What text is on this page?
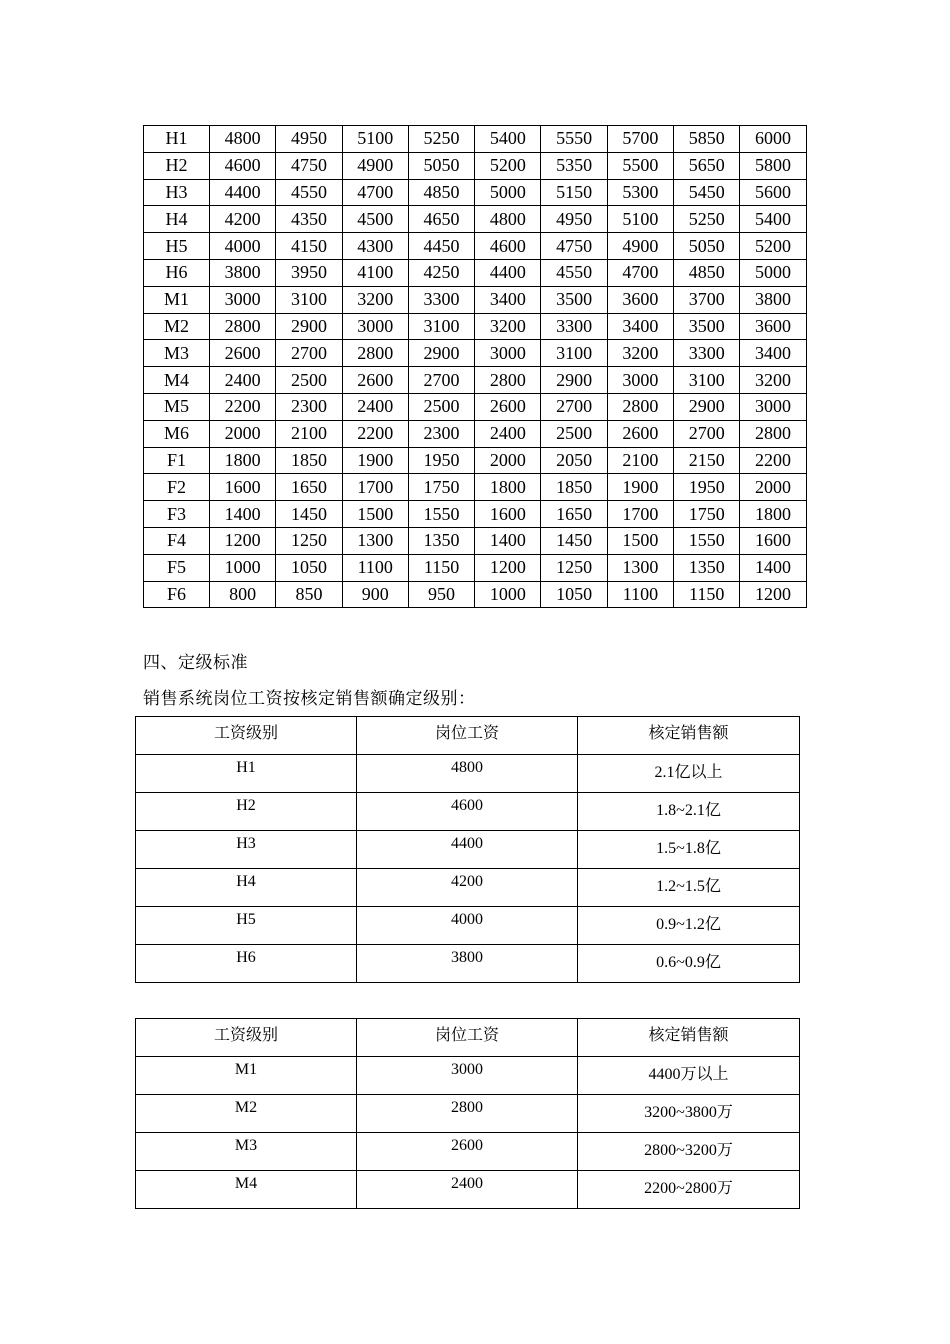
H1	4800	4950	5100	5250	5400	5550	5700	5850	6000
H2	4600	4750	4900	5050	5200	5350	5500	5650	5800
H3	4400	4550	4700	4850	5000	5150	5300	5450	5600
H4	4200	4350	4500	4650	4800	4950	5100	5250	5400
H5	4000	4150	4300	4450	4600	4750	4900	5050	5200
H6	3800	3950	4100	4250	4400	4550	4700	4850	5000
M1	3000	3100	3200	3300	3400	3500	3600	3700	3800
M2	2800	2900	3000	3100	3200	3300	3400	3500	3600
M3	2600	2700	2800	2900	3000	3100	3200	3300	3400
M4	2400	2500	2600	2700	2800	2900	3000	3100	3200
M5	2200	2300	2400	2500	2600	2700	2800	2900	3000
M6	2000	2100	2200	2300	2400	2500	2600	2700	2800
F1	1800	1850	1900	1950	2000	2050	2100	2150	2200
F2	1600	1650	1700	1750	1800	1850	1900	1950	2000
F3	1400	1450	1500	1550	1600	1650	1700	1750	1800
F4	1200	1250	1300	1350	1400	1450	1500	1550	1600
F5	1000	1050	1100	1150	1200	1250	1300	1350	1400
F6	800	850	900	950	1000	1050	1100	1150	1200
四、定级标准
销售系统岗位工资按核定销售额确定级别：
工资级别	岗位工资	核定销售额
H1	4800	2.1亿以上
H2	4600	1.8~2.1亿
H3	4400	1.5~1.8亿
H4	4200	1.2~1.5亿
H5	4000	0.9~1.2亿
H6	3800	0.6~0.9亿
工资级别	岗位工资	核定销售额
M1	3000	4400万以上
M2	2800	3200~3800万
M3	2600	2800~3200万
M4	2400	2200~2800万
